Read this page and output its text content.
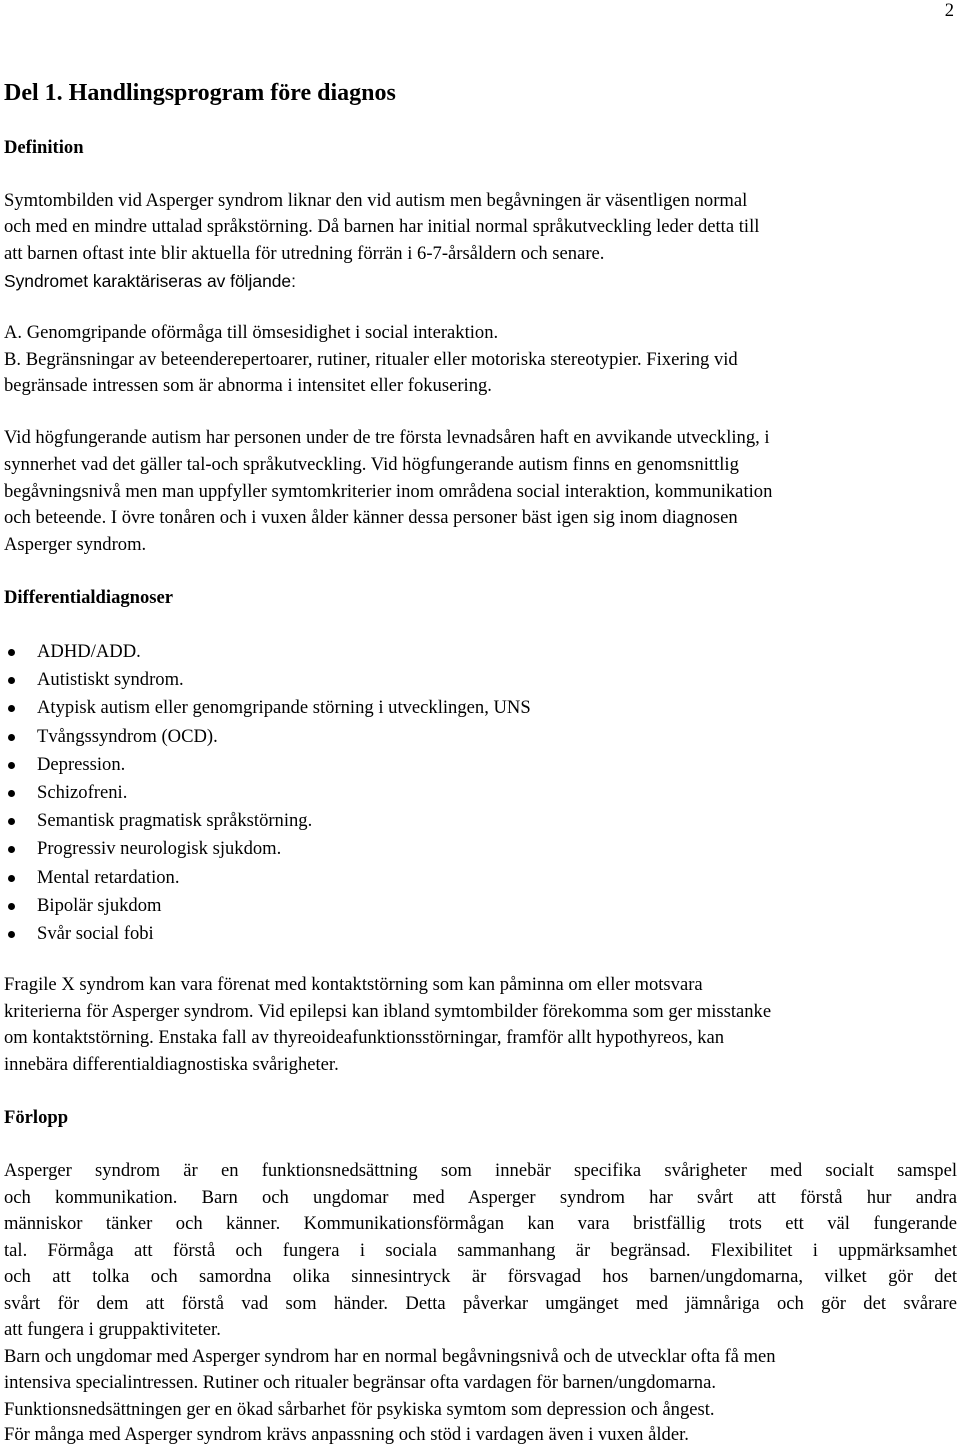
2
Del 1. Handlingsprogram före diagnos
Definition
Symtombilden vid Asperger syndrom liknar den vid autism men begåvningen är väsentligen normal
och med en mindre uttalad språkstörning. Då barnen har initial normal språkutveckling leder detta till
att barnen oftast inte blir aktuella för utredning förrän i 6-7-årsåldern och senare.
Syndromet karaktäriseras av följande:
A. Genomgripande oförmåga till ömsesidighet i social interaktion.
B. Begränsningar av beteenderepertoarer, rutiner, ritualer eller motoriska stereotypier. Fixering vid
begränsade intressen som är abnorma i intensitet eller fokusering.
Vid högfungerande autism har personen under de tre första levnadsåren haft en avvikande utveckling, i
synnerhet vad det gäller tal-och språkutveckling. Vid högfungerande autism finns en genomsnittlig
begåvningsnivå men man uppfyller symtomkriterier inom områdena social interaktion, kommunikation
och beteende. I övre tonåren och i vuxen ålder känner dessa personer bäst igen sig inom diagnosen
Asperger syndrom.
Differentialdiagnoser
ADHD/ADD.
Autistiskt syndrom.
Atypisk autism eller genomgripande störning i utvecklingen, UNS
Tvångssyndrom (OCD).
Depression.
Schizofreni.
Semantisk pragmatisk språkstörning.
Progressiv neurologisk sjukdom.
Mental retardation.
Bipolär sjukdom
Svår social fobi
Fragile X syndrom kan vara förenat med kontaktstörning som kan påminna om eller motsvara
kriterierna för Asperger syndrom. Vid epilepsi kan ibland symtombilder förekomma som ger misstanke
om kontaktstörning. Enstaka fall av thyreoideafunktionsstörningar, framför allt hypothyreos, kan
innebära differentialdiagnostiska svårigheter.
Förlopp
Asperger syndrom är en funktionsnedsättning som innebär specifika svårigheter med socialt samspel
och kommunikation. Barn och ungdomar med Asperger syndrom har svårt att förstå hur andra
människor tänker och känner. Kommunikationsförmågan kan vara bristfällig trots ett väl fungerande
tal. Förmåga att förstå och fungera i sociala sammanhang är begränsad. Flexibilitet i uppmärksamhet
och att tolka och samordna olika sinnesintryck är försvagad hos barnen/ungdomarna, vilket gör det
svårt för dem att förstå vad som händer. Detta påverkar umgänget med jämnåriga och gör det svårare
att fungera i gruppaktiviteter.
Barn och ungdomar med Asperger syndrom har en normal begåvningsnivå och de utvecklar ofta få men
intensiva specialintressen. Rutiner och ritualer begränsar ofta vardagen för barnen/ungdomarna.
Funktionsnedsättningen ger en ökad sårbarhet för psykiska symtom som depression och ångest.
För många med Asperger syndrom krävs anpassning och stöd i vardagen även i vuxen ålder.
